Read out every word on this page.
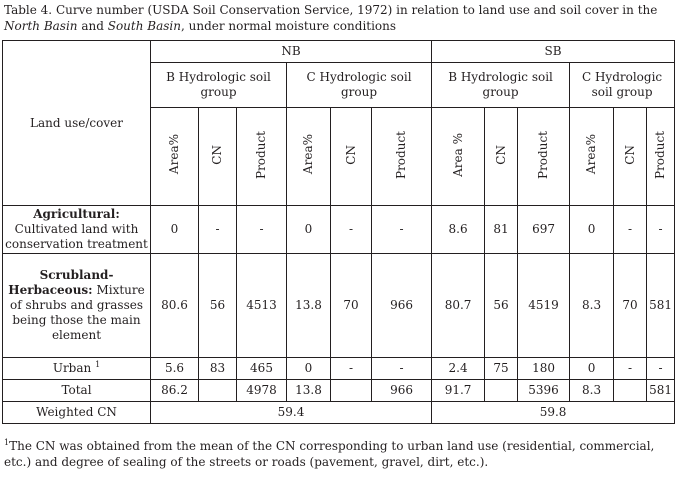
Table 4. Curve number (USDA Soil Conservation Service, 1972) in relation to land use and soil cover in the North Basin and South Basin, under normal moisture conditions
Land use/cover	NB						SB					
	B Hydrologic soil group			C Hydrologic soil group			B Hydrologic soil group			C Hydrologic soil group		
	Area%	CN	Product	Area%	CN	Product	Area %	CN	Product	Area%	CN	Product
Agricultural: Cultivated land with conservation treatment	0	-	-	0	-	-	8.6	81	697	0	-	-
Scrubland-Herbaceous: Mixture of shrubs and grasses being those the main element	80.6	56	4513	13.8	70	966	80.7	56	4519	8.3	70	581
Urban $^1$	5.6	83	465	0	-	-	2.4	75	180	0	-	-
Total	86.2		4978	13.8		966	91.7		5396	8.3		581
Weighted CN	59.4						59.8					
$^1$The CN was obtained from the mean of the CN corresponding to urban land use (residential, commercial, etc.) and degree of sealing of the streets or roads (pavement, gravel, dirt, etc.).
